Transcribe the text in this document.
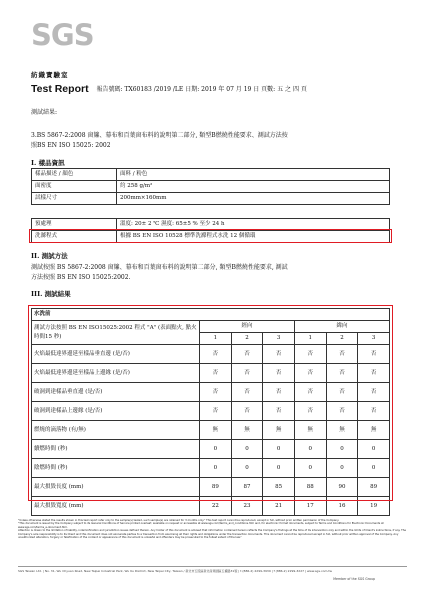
SGS
紡織實驗室
Test Report 報告號碼: TX60183 /2019 /LE 日期: 2019 年 07 月 19 日 頁數: 五 之 四 頁
測試結果:
3.BS 5867-2:2008 窗簾、幕布和百葉窗布料的說明第二部分, 類型B燃燒性能要求、測試方法按
照BS EN ISO 15025: 2002
I. 樣品資訊
樣品描述 / 顏色	面料 / 粉色
面密度	約 258 g/m²
試樣尺寸	200mm×160mm
預處理	溫度: 20± 2 ℃ 濕度: 65±5 % 至少 24 h
洗滌程式	根據 BS EN ISO 10528 標準洗滌程式水洗 12 個循環
II. 測試方法
測試按照 BS 5867-2:2008 窗簾、幕布和百葉窗布料的說明第二部分, 類型B燃燒性能要求, 測試
方法按照 BS EN ISO 15025:2002.
III. 測試結果
水洗前						
測試方法按照 BS EN ISO15025:2002 程式 "A" (表面點火, 點火時間15 秒)	經向			緯向		
	1	2	3	1	2	3
火焰最低達界邊延至樣品垂直邊 (是/否)	否	否	否	否	否	否
火焰最低達界邊延至樣品上邊緣 (是/否)	否	否	否	否	否	否
破洞到達樣品垂直邊 (是/否)	否	否	否	否	否	否
破洞到達樣品上邊緣 (是/否)	否	否	否	否	否	否
燃燒的滴落物 (有/無)	無	無	無	無	無	無
續燃時間 (秒)	0	0	0	0	0	0
陰燃時間 (秒)	0	0	0	0	0	0
最大損毀長度 (mm)	89	87	85	88	90	89
最大損毀寬度 (mm)	22	23	21	17	16	19
"Unless otherwise stated the results shown in this test report refer only to the sample(s) tested, such sample(s) are retained for 3 months only." This test report cannot be reproduced, except in full, without prior written permission of the Company.
"This document is issued by the Company subject to its General Conditions of Service printed overleaf, available on request or accessible at www.sgs.com/terms_and_conditions.htm and, for electronic format documents, subject to Terms and Conditions for Electronic Documents at www.sgs.com/terms_e-document.htm.
Attention is drawn to the limitation of liability, indemnification and jurisdiction issues defined therein. Any holder of this document is advised that information contained hereon reflects the Company's findings at the time of its intervention only and within the limits of Client's instructions, if any. The Company's sole responsibility is to its Client and this document does not exonerate parties to a transaction from exercising all their rights and obligations under the transaction documents. This document cannot be reproduced except in full, without prior written approval of the Company. Any unauthorized alteration, forgery or falsification of the content or appearance of this document is unlawful and offenders may be prosecuted to the fullest extent of the law."
SGS Taiwan Ltd. | No. 31, Wu Chyuan Road, New Taipei Industrial Park, Wu Ku District, New Taipei City, Taiwan / 新北市五股區新北產業園區五權路31號 | t (886-2) 2299-3939 | f (886-2) 2299-3227 | www.sgs.com.tw
Member of the SGS Group
